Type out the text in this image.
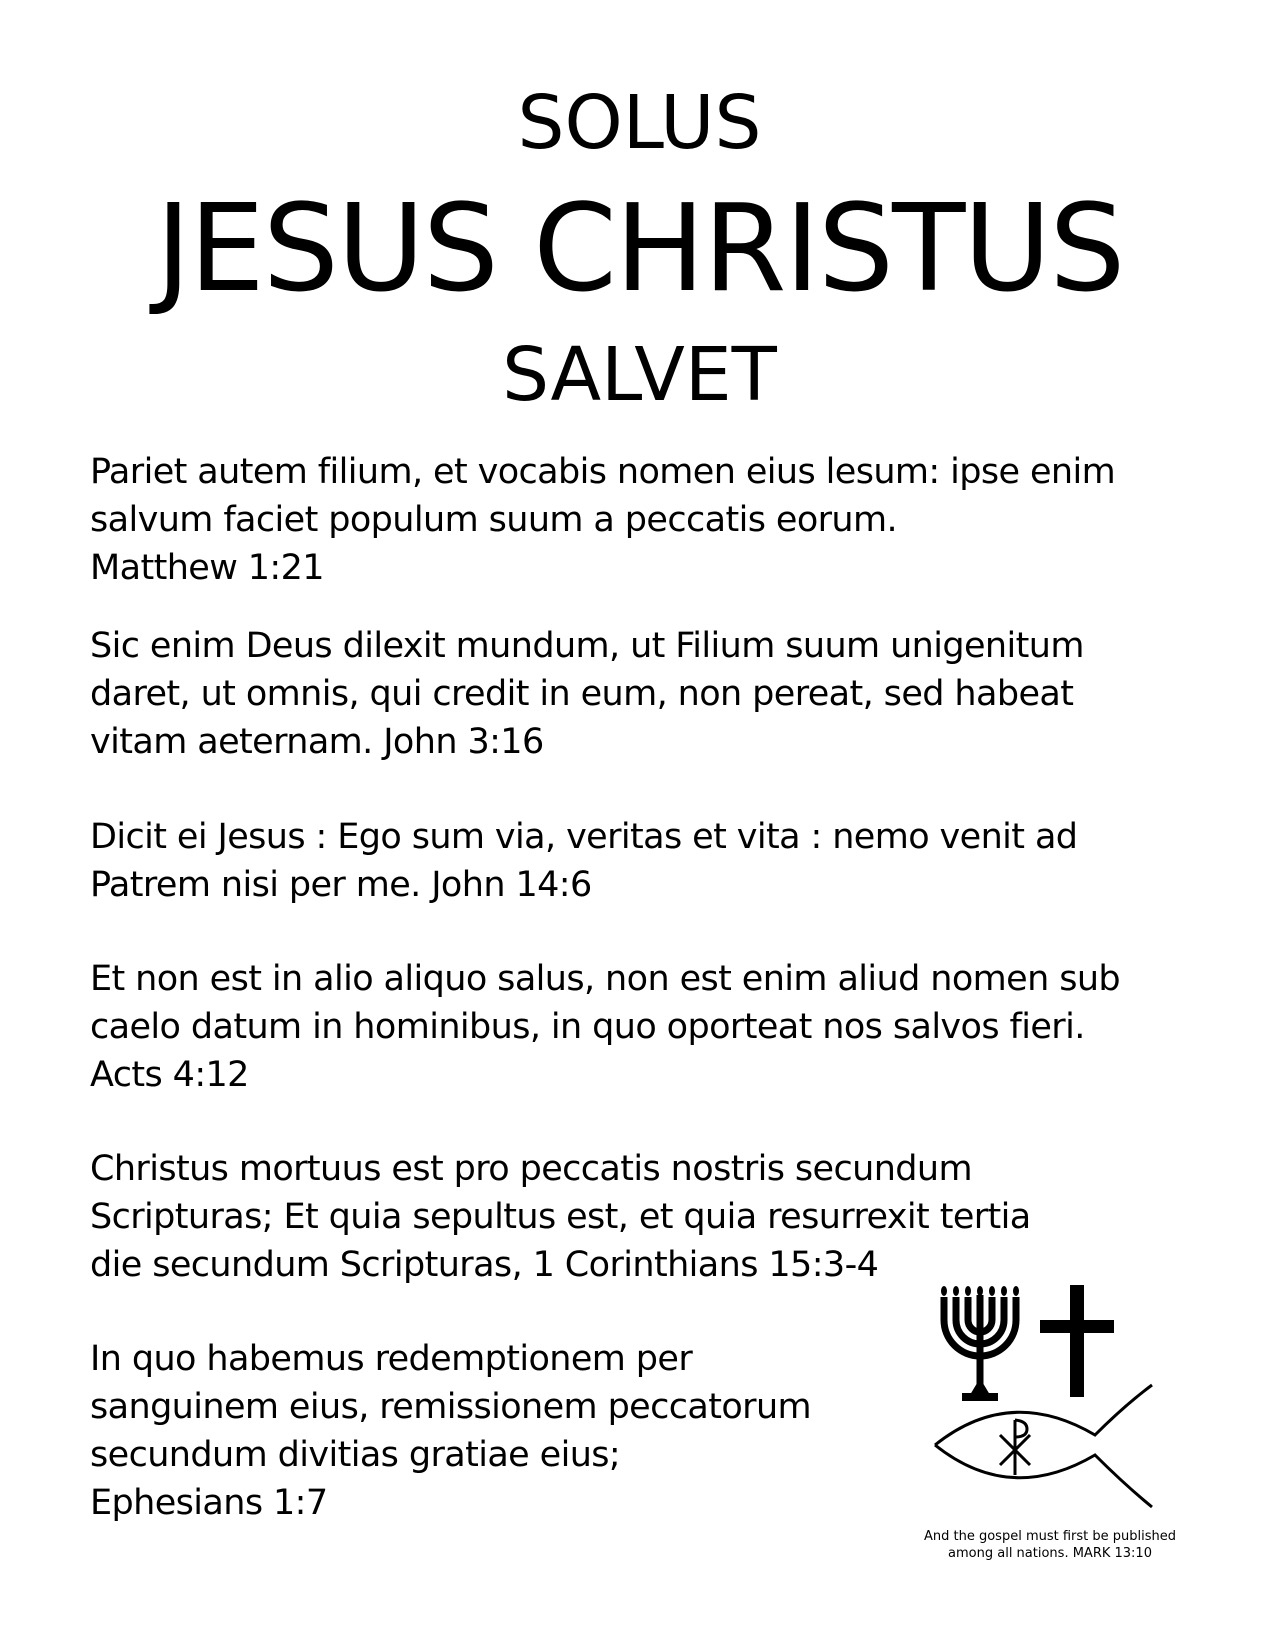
SOLUS
JESUS CHRISTUS
SALVET
Pariet autem filium, et vocabis nomen eius lesum: ipse enim
salvum faciet populum suum a peccatis eorum.
Matthew 1:21
Sic enim Deus dilexit mundum, ut Filium suum unigenitum
daret, ut omnis, qui credit in eum, non pereat, sed habeat
vitam aeternam. John 3:16
Dicit ei Jesus : Ego sum via, veritas et vita : nemo venit ad
Patrem nisi per me. John 14:6
Et non est in alio aliquo salus, non est enim aliud nomen sub
caelo datum in hominibus, in quo oporteat nos salvos fieri.
Acts 4:12
Christus mortuus est pro peccatis nostris secundum
Scripturas; Et quia sepultus est, et quia resurrexit tertia
die secundum Scripturas, 1 Corinthians 15:3-4
In quo habemus redemptionem per
sanguinem eius, remissionem peccatorum
secundum divitias gratiae eius;
Ephesians 1:7
And the gospel must first be published
among all nations. MARK 13:10
